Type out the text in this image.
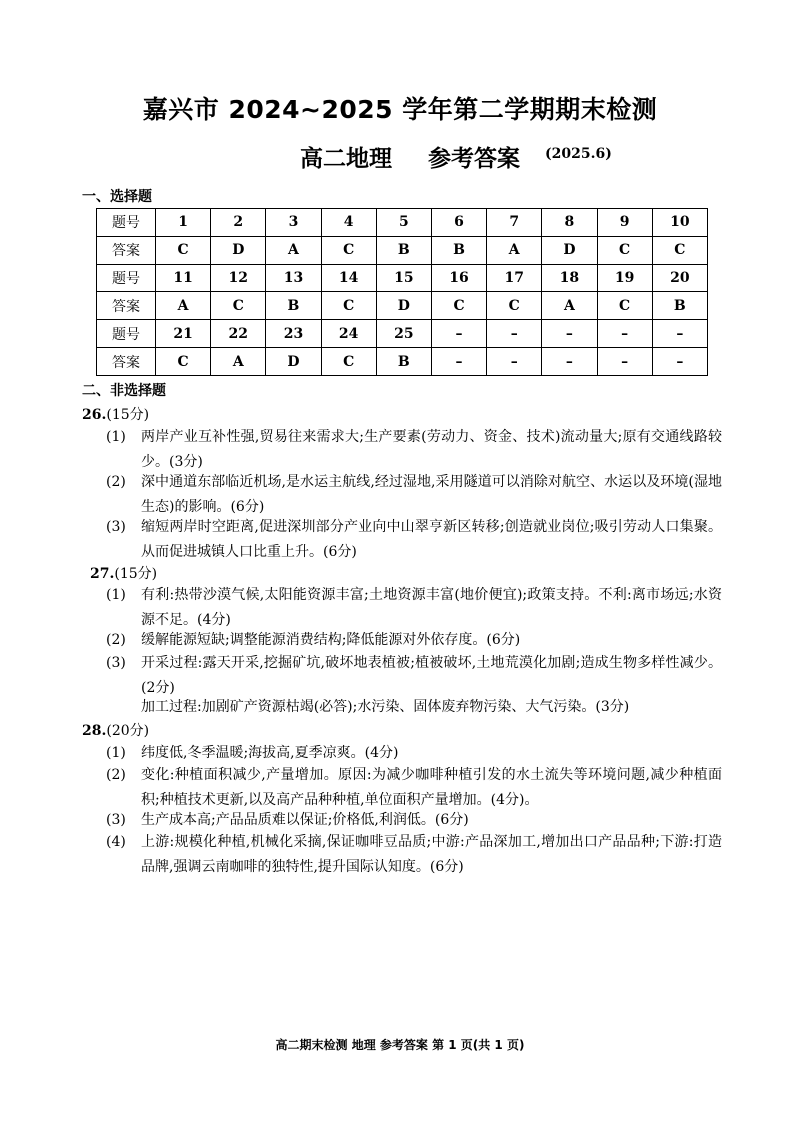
嘉兴市 2024~2025 学年第二学期期末检测
高二地理 参考答案 (2025.6)
一、选择题
题号	1	2	3	4	5	6	7	8	9	10
答案	C	D	A	C	B	B	A	D	C	C
题号	11	12	13	14	15	16	17	18	19	20
答案	A	C	B	C	D	C	C	A	C	B
题号	21	22	23	24	25	–	–	–	–	–
答案	C	A	D	C	B	–	–	–	–	–
二、非选择题
26.(15分)
(1) 两岸产业互补性强,贸易往来需求大;生产要素(劳动力、资金、技术)流动量大;原有交通线路较少。(3分)
(2) 深中通道东部临近机场,是水运主航线,经过湿地,采用隧道可以消除对航空、水运以及环境(湿地生态)的影响。(6分)
(3) 缩短两岸时空距离,促进深圳部分产业向中山翠亨新区转移;创造就业岗位;吸引劳动人口集聚。从而促进城镇人口比重上升。(6分)
27.(15分)
(1) 有利:热带沙漠气候,太阳能资源丰富;土地资源丰富(地价便宜);政策支持。不利:离市场远;水资源不足。(4分)
(2) 缓解能源短缺;调整能源消费结构;降低能源对外依存度。(6分)
(3) 开采过程:露天开采,挖掘矿坑,破坏地表植被;植被破坏,土地荒漠化加剧;造成生物多样性减少。(2分)
加工过程:加剧矿产资源枯竭(必答);水污染、固体废弃物污染、大气污染。(3分)
28.(20分)
(1) 纬度低,冬季温暖;海拔高,夏季凉爽。(4分)
(2) 变化:种植面积减少,产量增加。原因:为减少咖啡种植引发的水土流失等环境问题,减少种植面积;种植技术更新,以及高产品种种植,单位面积产量增加。(4分)。
(3) 生产成本高;产品品质难以保证;价格低,利润低。(6分)
(4) 上游:规模化种植,机械化采摘,保证咖啡豆品质;中游:产品深加工,增加出口产品品种;下游:打造品牌,强调云南咖啡的独特性,提升国际认知度。(6分)
高二期末检测 地理 参考答案 第 1 页(共 1 页)
